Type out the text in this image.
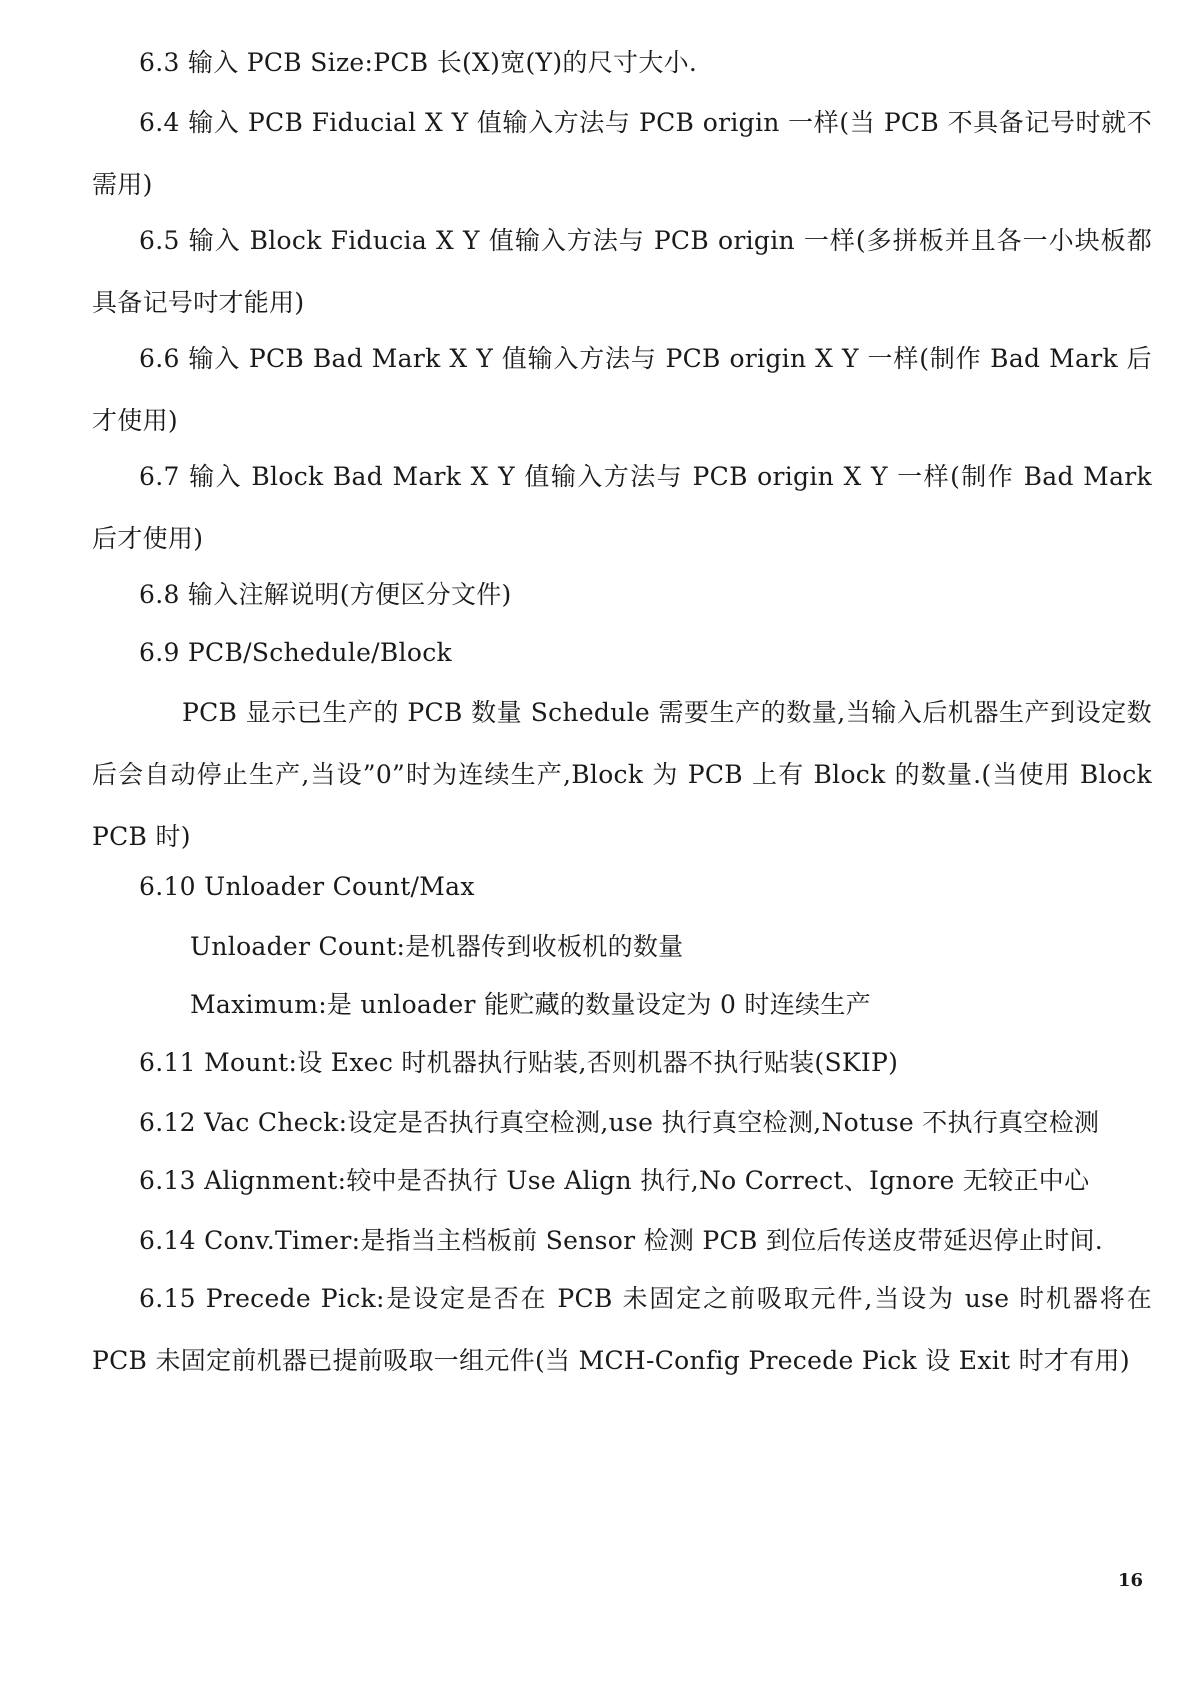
6.3 输入 PCB Size:PCB 长(X)宽(Y)的尺寸大小.

6.4 输入 PCB Fiducial X Y 值输入方法与 PCB origin 一样(当 PCB 不具备记号时就不需用)

6.5 输入 Block Fiducia X Y 值输入方法与 PCB origin 一样(多拼板并且各一小块板都具备记号吋才能用)

6.6 输入 PCB Bad Mark X Y 值输入方法与 PCB origin X Y 一样(制作 Bad Mark 后才使用)

6.7 输入 Block Bad Mark X Y 值输入方法与 PCB origin X Y 一样(制作 Bad Mark 后才使用)

6.8 输入注解说明(方便区分文件)

6.9 PCB/Schedule/Block

PCB 显示已生产的 PCB 数量 Schedule 需要生产的数量,当输入后机器生产到设定数后会自动停止生产,当设”0”时为连续生产,Block 为 PCB 上有 Block 的数量.(当使用 Block PCB 时)

6.10 Unloader Count/Max

Unloader Count:是机器传到收板机的数量

Maximum:是 unloader 能贮藏的数量设定为 0 时连续生产

6.11 Mount:设 Exec 时机器执行贴装,否则机器不执行贴装(SKIP)

6.12 Vac Check:设定是否执行真空检测,use 执行真空检测,Notuse 不执行真空检测

6.13 Alignment:较中是否执行 Use Align 执行,No Correct、Ignore 无较正中心

6.14 Conv.Timer:是指当主档板前 Sensor 检测 PCB 到位后传送皮带延迟停止时间.

6.15 Precede Pick:是设定是否在 PCB 未固定之前吸取元件,当设为 use 时机器将在 PCB 未固定前机器已提前吸取一组元件(当 MCH-Config Precede Pick 设 Exit 时才有用)

16
